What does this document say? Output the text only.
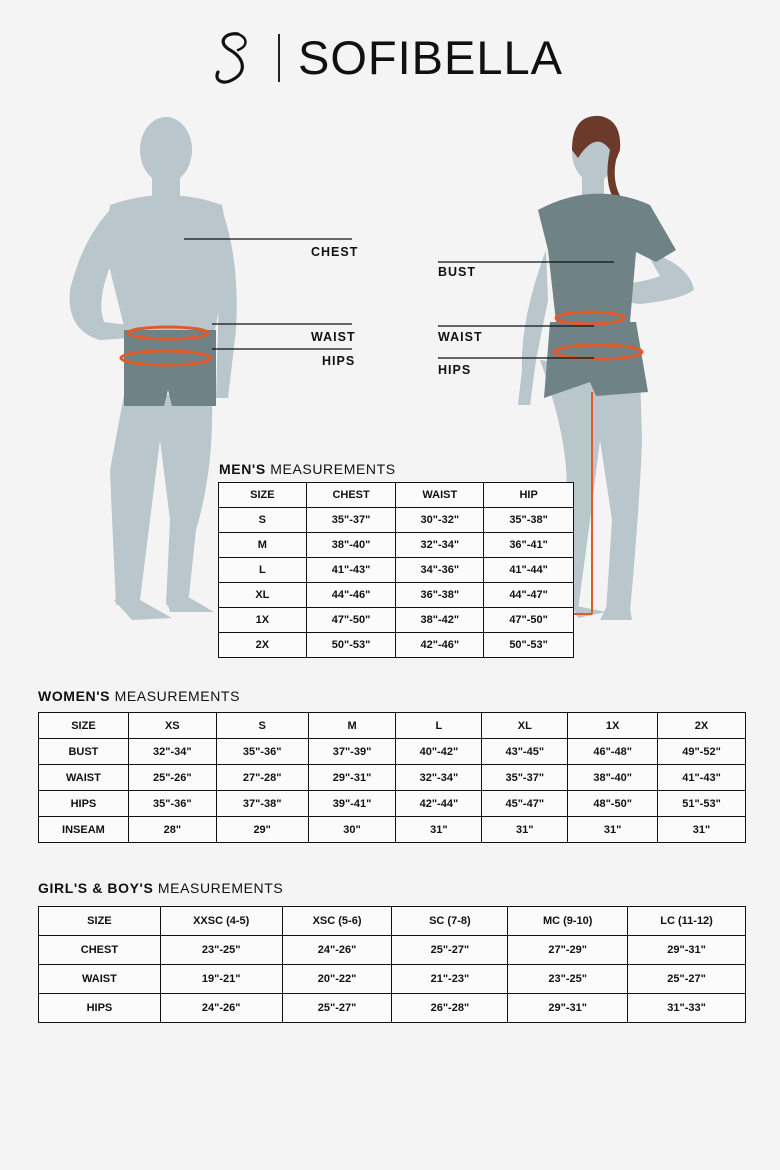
SOFIBELLA
CHEST
WAIST
HIPS
BUST
WAIST
HIPS
MEN'S MEASUREMENTS
SIZE	CHEST	WAIST	HIP
S	35"-37"	30"-32"	35"-38"
M	38"-40"	32"-34"	36"-41"
L	41"-43"	34"-36"	41"-44"
XL	44"-46"	36"-38"	44"-47"
1X	47"-50"	38"-42"	47"-50"
2X	50"-53"	42"-46"	50"-53"
WOMEN'S MEASUREMENTS
SIZE	XS	S	M	L	XL	1X	2X
BUST	32"-34"	35"-36"	37"-39"	40"-42"	43"-45"	46"-48"	49"-52"
WAIST	25"-26"	27"-28"	29"-31"	32"-34"	35"-37"	38"-40"	41"-43"
HIPS	35"-36"	37"-38"	39"-41"	42"-44"	45"-47"	48"-50"	51"-53"
INSEAM	28"	29"	30"	31"	31"	31"	31"
GIRL'S & BOY'S MEASUREMENTS
SIZE	XXSC (4-5)	XSC (5-6)	SC (7-8)	MC (9-10)	LC (11-12)
CHEST	23"-25"	24"-26"	25"-27"	27"-29"	29"-31"
WAIST	19"-21"	20"-22"	21"-23"	23"-25"	25"-27"
HIPS	24"-26"	25"-27"	26"-28"	29"-31"	31"-33"
